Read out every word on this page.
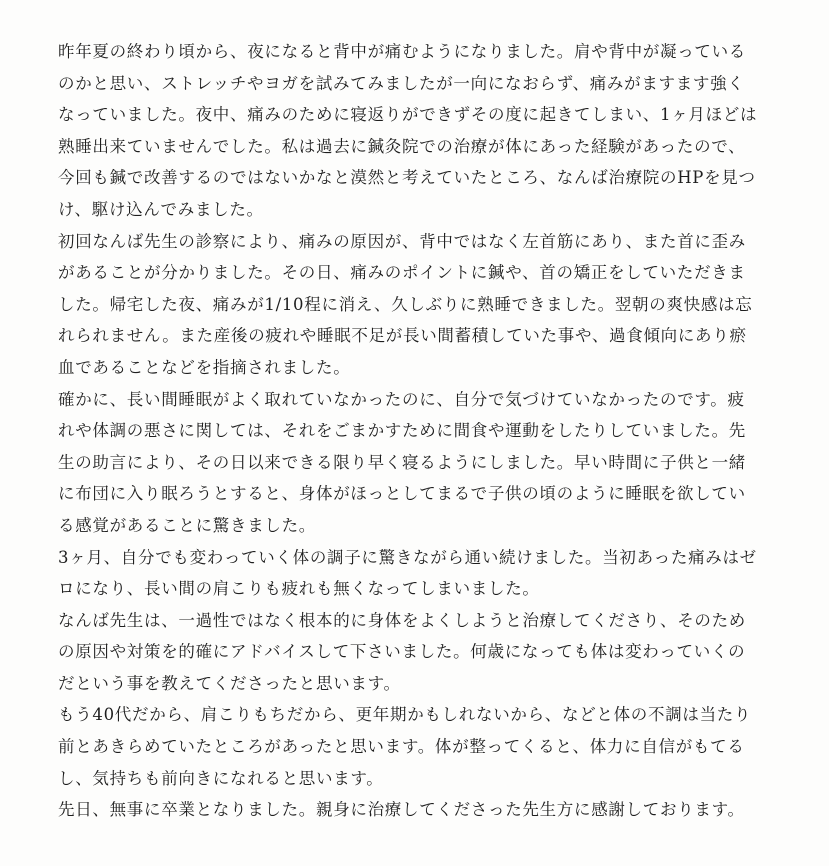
昨年夏の終わり頃から、夜になると背中が痛むようになりました。肩や背中が凝っている
のかと思い、ストレッチやヨガを試みてみましたが一向になおらず、痛みがますます強く
なっていました。夜中、痛みのために寝返りができずその度に起きてしまい、1ヶ月ほどは
熟睡出来ていませんでした。私は過去に鍼灸院での治療が体にあった経験があったので、
今回も鍼で改善するのではないかなと漠然と考えていたところ、なんば治療院のHPを見つ
け、駆け込んでみました。
初回なんば先生の診察により、痛みの原因が、背中ではなく左首筋にあり、また首に歪み
があることが分かりました。その日、痛みのポイントに鍼や、首の矯正をしていただきま
した。帰宅した夜、痛みが1/10程に消え、久しぶりに熟睡できました。翌朝の爽快感は忘
れられません。また産後の疲れや睡眠不足が長い間蓄積していた事や、過食傾向にあり瘀
血であることなどを指摘されました。
確かに、長い間睡眠がよく取れていなかったのに、自分で気づけていなかったのです。疲
れや体調の悪さに関しては、それをごまかすために間食や運動をしたりしていました。先
生の助言により、その日以来できる限り早く寝るようにしました。早い時間に子供と一緒
に布団に入り眠ろうとすると、身体がほっとしてまるで子供の頃のように睡眠を欲してい
る感覚があることに驚きました。
3ヶ月、自分でも変わっていく体の調子に驚きながら通い続けました。当初あった痛みはゼ
ロになり、長い間の肩こりも疲れも無くなってしまいました。
なんば先生は、一過性ではなく根本的に身体をよくしようと治療してくださり、そのため
の原因や対策を的確にアドバイスして下さいました。何歳になっても体は変わっていくの
だという事を教えてくださったと思います。
もう40代だから、肩こりもちだから、更年期かもしれないから、などと体の不調は当たり
前とあきらめていたところがあったと思います。体が整ってくると、体力に自信がもてる
し、気持ちも前向きになれると思います。
先日、無事に卒業となりました。親身に治療してくださった先生方に感謝しております。
